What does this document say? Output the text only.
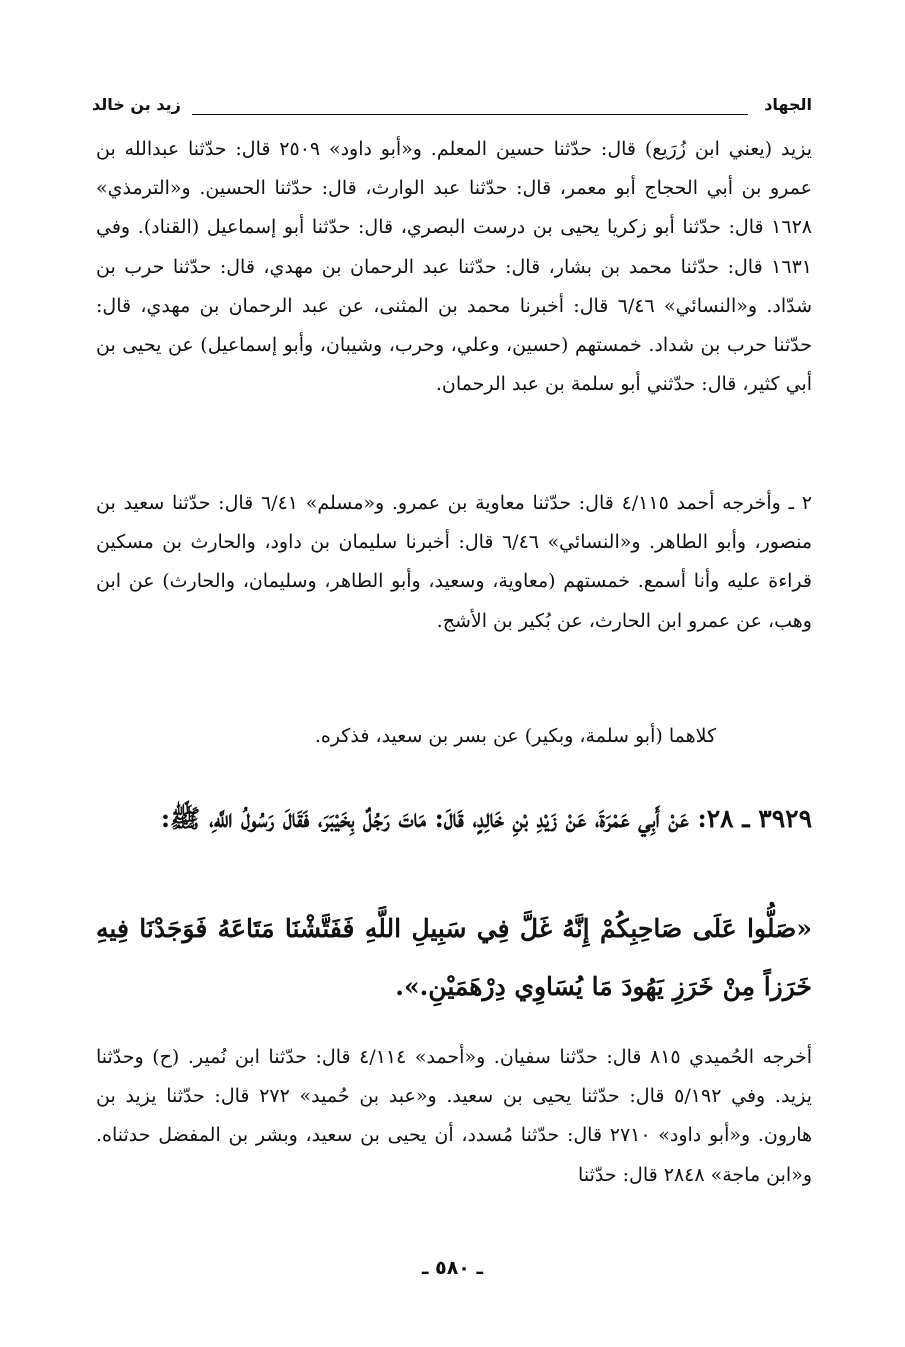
الجهاد
زيد بن خالد
يزيد (يعني ابن زُرَيع) قال: حدّثنا حسين المعلم. و«أبو داود» ٢٥٠٩ قال: حدّثنا عبدالله بن عمرو بن أبي الحجاج أبو معمر، قال: حدّثنا عبد الوارث، قال: حدّثنا الحسين. و«الترمذي» ١٦٢٨ قال: حدّثنا أبو زكريا يحيى بن درست البصري، قال: حدّثنا أبو إسماعيل (القناد). وفي ١٦٣١ قال: حدّثنا محمد بن بشار، قال: حدّثنا عبد الرحمان بن مهدي، قال: حدّثنا حرب بن شدّاد. و«النسائي» ٦/٤٦ قال: أخبرنا محمد بن المثنى، عن عبد الرحمان بن مهدي، قال: حدّثنا حرب بن شداد. خمستهم (حسين، وعلي، وحرب، وشيبان، وأبو إسماعيل) عن يحيى بن أبي كثير، قال: حدّثني أبو سلمة بن عبد الرحمان.
٢ ـ وأخرجه أحمد ٤/١١٥ قال: حدّثنا معاوية بن عمرو. و«مسلم» ٦/٤١ قال: حدّثنا سعيد بن منصور، وأبو الطاهر. و«النسائي» ٦/٤٦ قال: أخبرنا سليمان بن داود، والحارث بن مسكين قراءة عليه وأنا أسمع. خمستهم (معاوية، وسعيد، وأبو الطاهر، وسليمان، والحارث) عن ابن وهب، عن عمرو ابن الحارث، عن بُكير بن الأشج.
كلاهما (أبو سلمة، وبكير) عن بسر بن سعيد، فذكره.
٣٩٢٩ ـ ٢٨: عَنْ أَبِي عَمْرَةَ، عَنْ زَيْدِ بْنِ خَالِدٍ، قَالَ: مَاتَ رَجُلٌ بِخَيْبَرَ، فَقَالَ رَسُولُ اللَّهِ، ﷺ:
«صَلُّوا عَلَى صَاحِبِكُمْ إِنَّهُ غَلَّ فِي سَبِيلِ اللَّهِ فَفَتَّشْنَا مَتَاعَهُ فَوَجَدْنَا فِيهِ خَرَزاً مِنْ خَرَزِ يَهُودَ مَا يُسَاوِي دِرْهَمَيْنِ.».
أخرجه الحُميدي ٨١٥ قال: حدّثنا سفيان. و«أحمد» ٤/١١٤ قال: حدّثنا ابن نُمير. (ح) وحدّثنا يزيد. وفي ٥/١٩٢ قال: حدّثنا يحيى بن سعيد. و«عبد بن حُميد» ٢٧٢ قال: حدّثنا يزيد بن هارون. و«أبو داود» ٢٧١٠ قال: حدّثنا مُسدد، أن يحيى بن سعيد، وبشر بن المفضل حدثناه. و«ابن ماجة» ٢٨٤٨ قال: حدّثنا
ـ ٥٨٠ ـ
